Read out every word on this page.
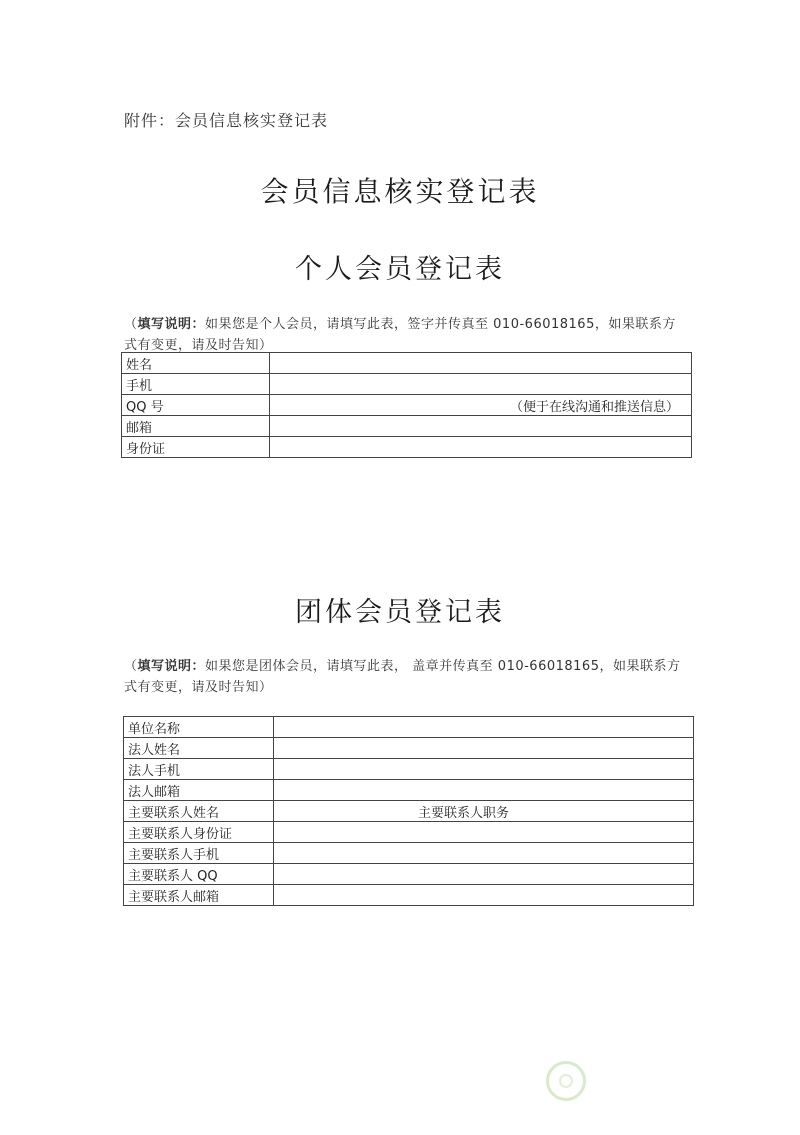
附件：会员信息核实登记表
会员信息核实登记表
个人会员登记表
（填写说明：如果您是个人会员，请填写此表，签字并传真至 010-66018165，如果联系方
式有变更，请及时告知）
姓名	
手机	
QQ 号	（便于在线沟通和推送信息）

邮箱	
身份证	
团体会员登记表
（填写说明：如果您是团体会员，请填写此表， 盖章并传真至 010-66018165，如果联系方
式有变更，请及时告知）
单位名称	
法人姓名	
法人手机	
法人邮箱	
主要联系人姓名	主要联系人职务

主要联系人身份证	
主要联系人手机	
主要联系人 QQ	
主要联系人邮箱	
